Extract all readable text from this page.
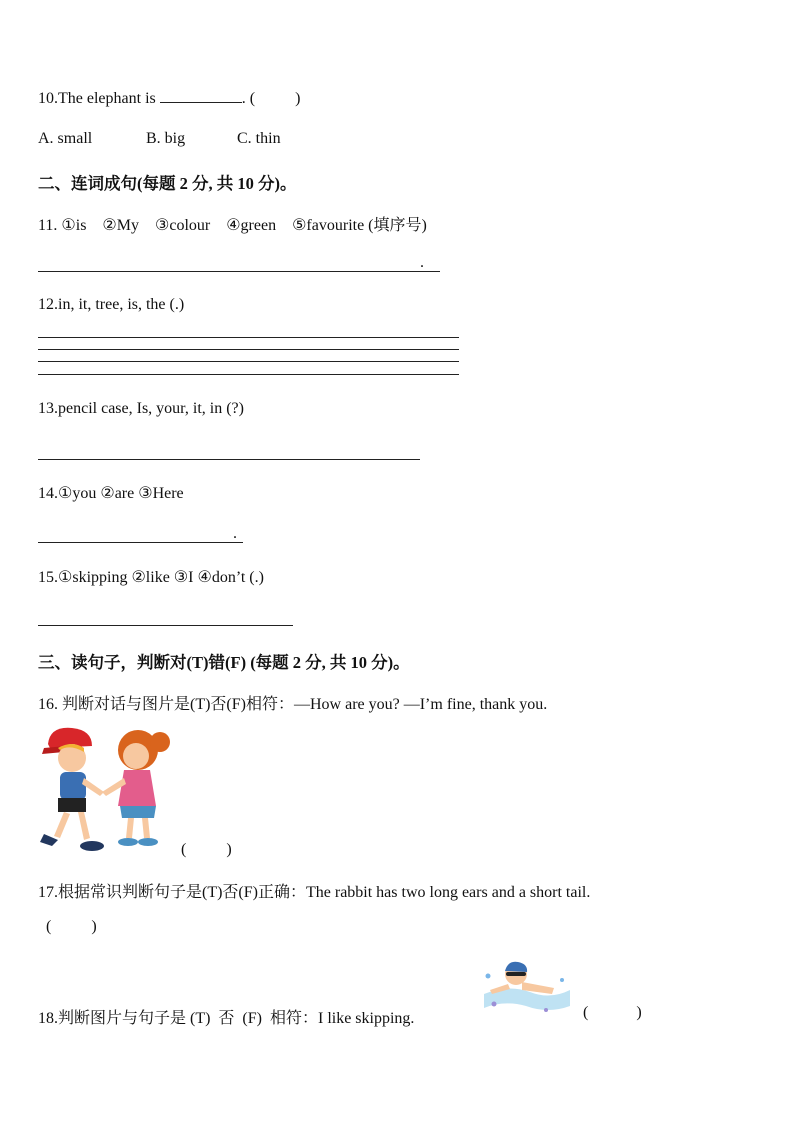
10.The elephant is	. (	)
A. small	B. big	C. thin
二、连词成句(每题 2 分, 共 10 分)。
11. ①is    ②My    ③colour    ④green    ⑤favourite (填序号)
.
12.in, it, tree, is, the (.)
13.pencil case, Is, your, it, in (?)
14.①you ②are ③Here
.
15.①skipping ②like ③I ④don’t (.)
三、读句子，判断对(T)错(F) (每题 2 分, 共 10 分)。
16. 判断对话与图片是(T)否(F)相符：—How are you? —I’m fine, thank you.
(          )
17.根据常识判断句子是(T)否(F)正确：The rabbit has two long ears and a short tail.
(          )
18.判断图片与句子是 (T)  否  (F)  相符：I like skipping.	(            )
